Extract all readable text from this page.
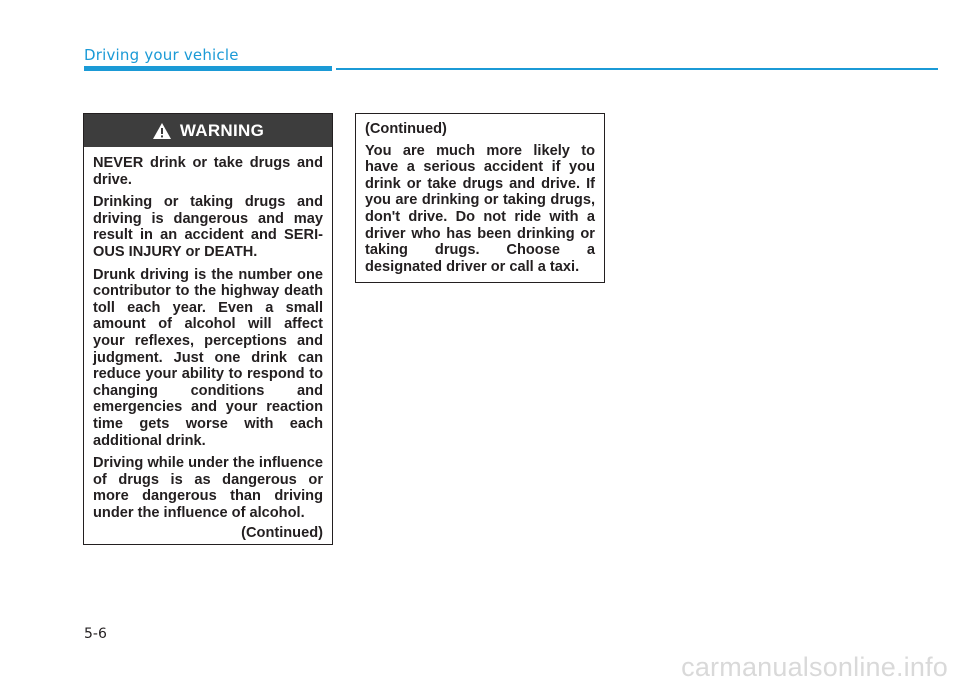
Driving your vehicle
WARNING

NEVER drink or take drugs and drive.

Drinking or taking drugs and driving is dangerous and may result in an accident and SERIOUS INJURY or DEATH.

Drunk driving is the number one contributor to the highway death toll each year. Even a small amount of alcohol will affect your reflexes, perceptions and judgment. Just one drink can reduce your ability to respond to changing conditions and emergencies and your reaction time gets worse with each additional drink.

Driving while under the influence of drugs is as dangerous or more dangerous than driving under the influence of alcohol.

(Continued)

(Continued)

You are much more likely to have a serious accident if you drink or take drugs and drive. If you are drinking or taking drugs, don't drive. Do not ride with a driver who has been drinking or taking drugs. Choose a designated driver or call a taxi.

5-6
carmanualsonline.info
